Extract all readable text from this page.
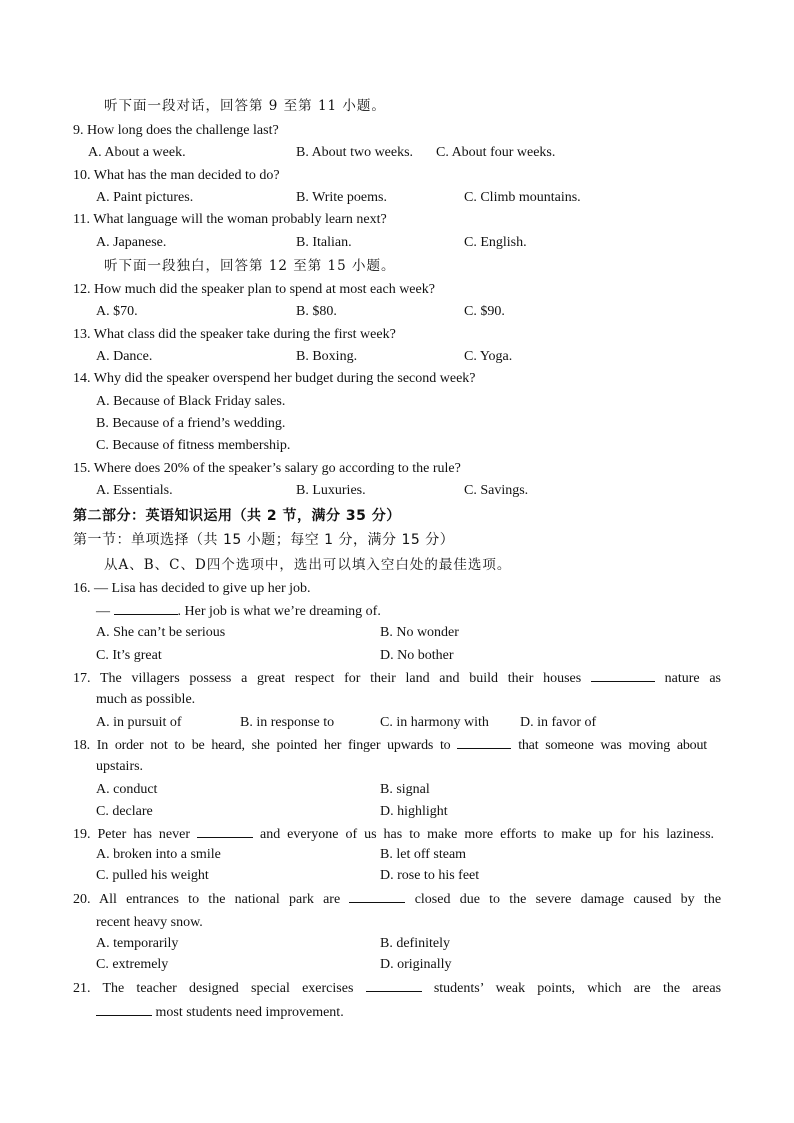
听下面一段对话，回答第 9 至第 11 小题。
9. How long does the challenge last?
A. About a week.	B. About two weeks. C. About four weeks.
10. What has the man decided to do?
A. Paint pictures.	B. Write poems.	C. Climb mountains.
11. What language will the woman probably learn next?
A. Japanese.	B. Italian.	C. English.
听下面一段独白，回答第 12 至第 15 小题。
12. How much did the speaker plan to spend at most each week?
A. $70.	B. $80.	C. $90.
13. What class did the speaker take during the first week?
A. Dance.	B. Boxing.	C. Yoga.
14. Why did the speaker overspend her budget during the second week?
A. Because of Black Friday sales.
B. Because of a friend’s wedding.
C. Because of fitness membership.
15. Where does 20% of the speaker’s salary go according to the rule?
A. Essentials.	B. Luxuries.	C. Savings.
第二部分：英语知识运用（共 2 节，满分 35 分）
第一节：单项选择（共 15 小题；每空 1 分，满分 15 分）
从A、B、C、D四个选项中，选出可以填入空白处的最佳选项。
16. — Lisa has decided to give up her job.
—	. Her job is what we’re dreaming of.
A. She can’t be serious	B. No wonder
C. It’s great	D. No bother
17. The villagers possess a great respect for their land and build their houses	nature as
much as possible.
A. in pursuit of	B. in response to	C. in harmony with D. in favor of
18. In order not to be heard, she pointed her finger upwards to	that someone was moving about
upstairs.
A. conduct	B. signal
C. declare	D. highlight
19. Peter has never	and everyone of us has to make more efforts to make up for his laziness.
A. broken into a smile	B. let off steam
C. pulled his weight	D. rose to his feet
20. All entrances to the national park are	closed due to the severe damage caused by the
recent heavy snow.
A. temporarily	B. definitely
C. extremely	D. originally
21. The teacher designed special exercises	students’ weak points, which are the areas
most students need improvement.
